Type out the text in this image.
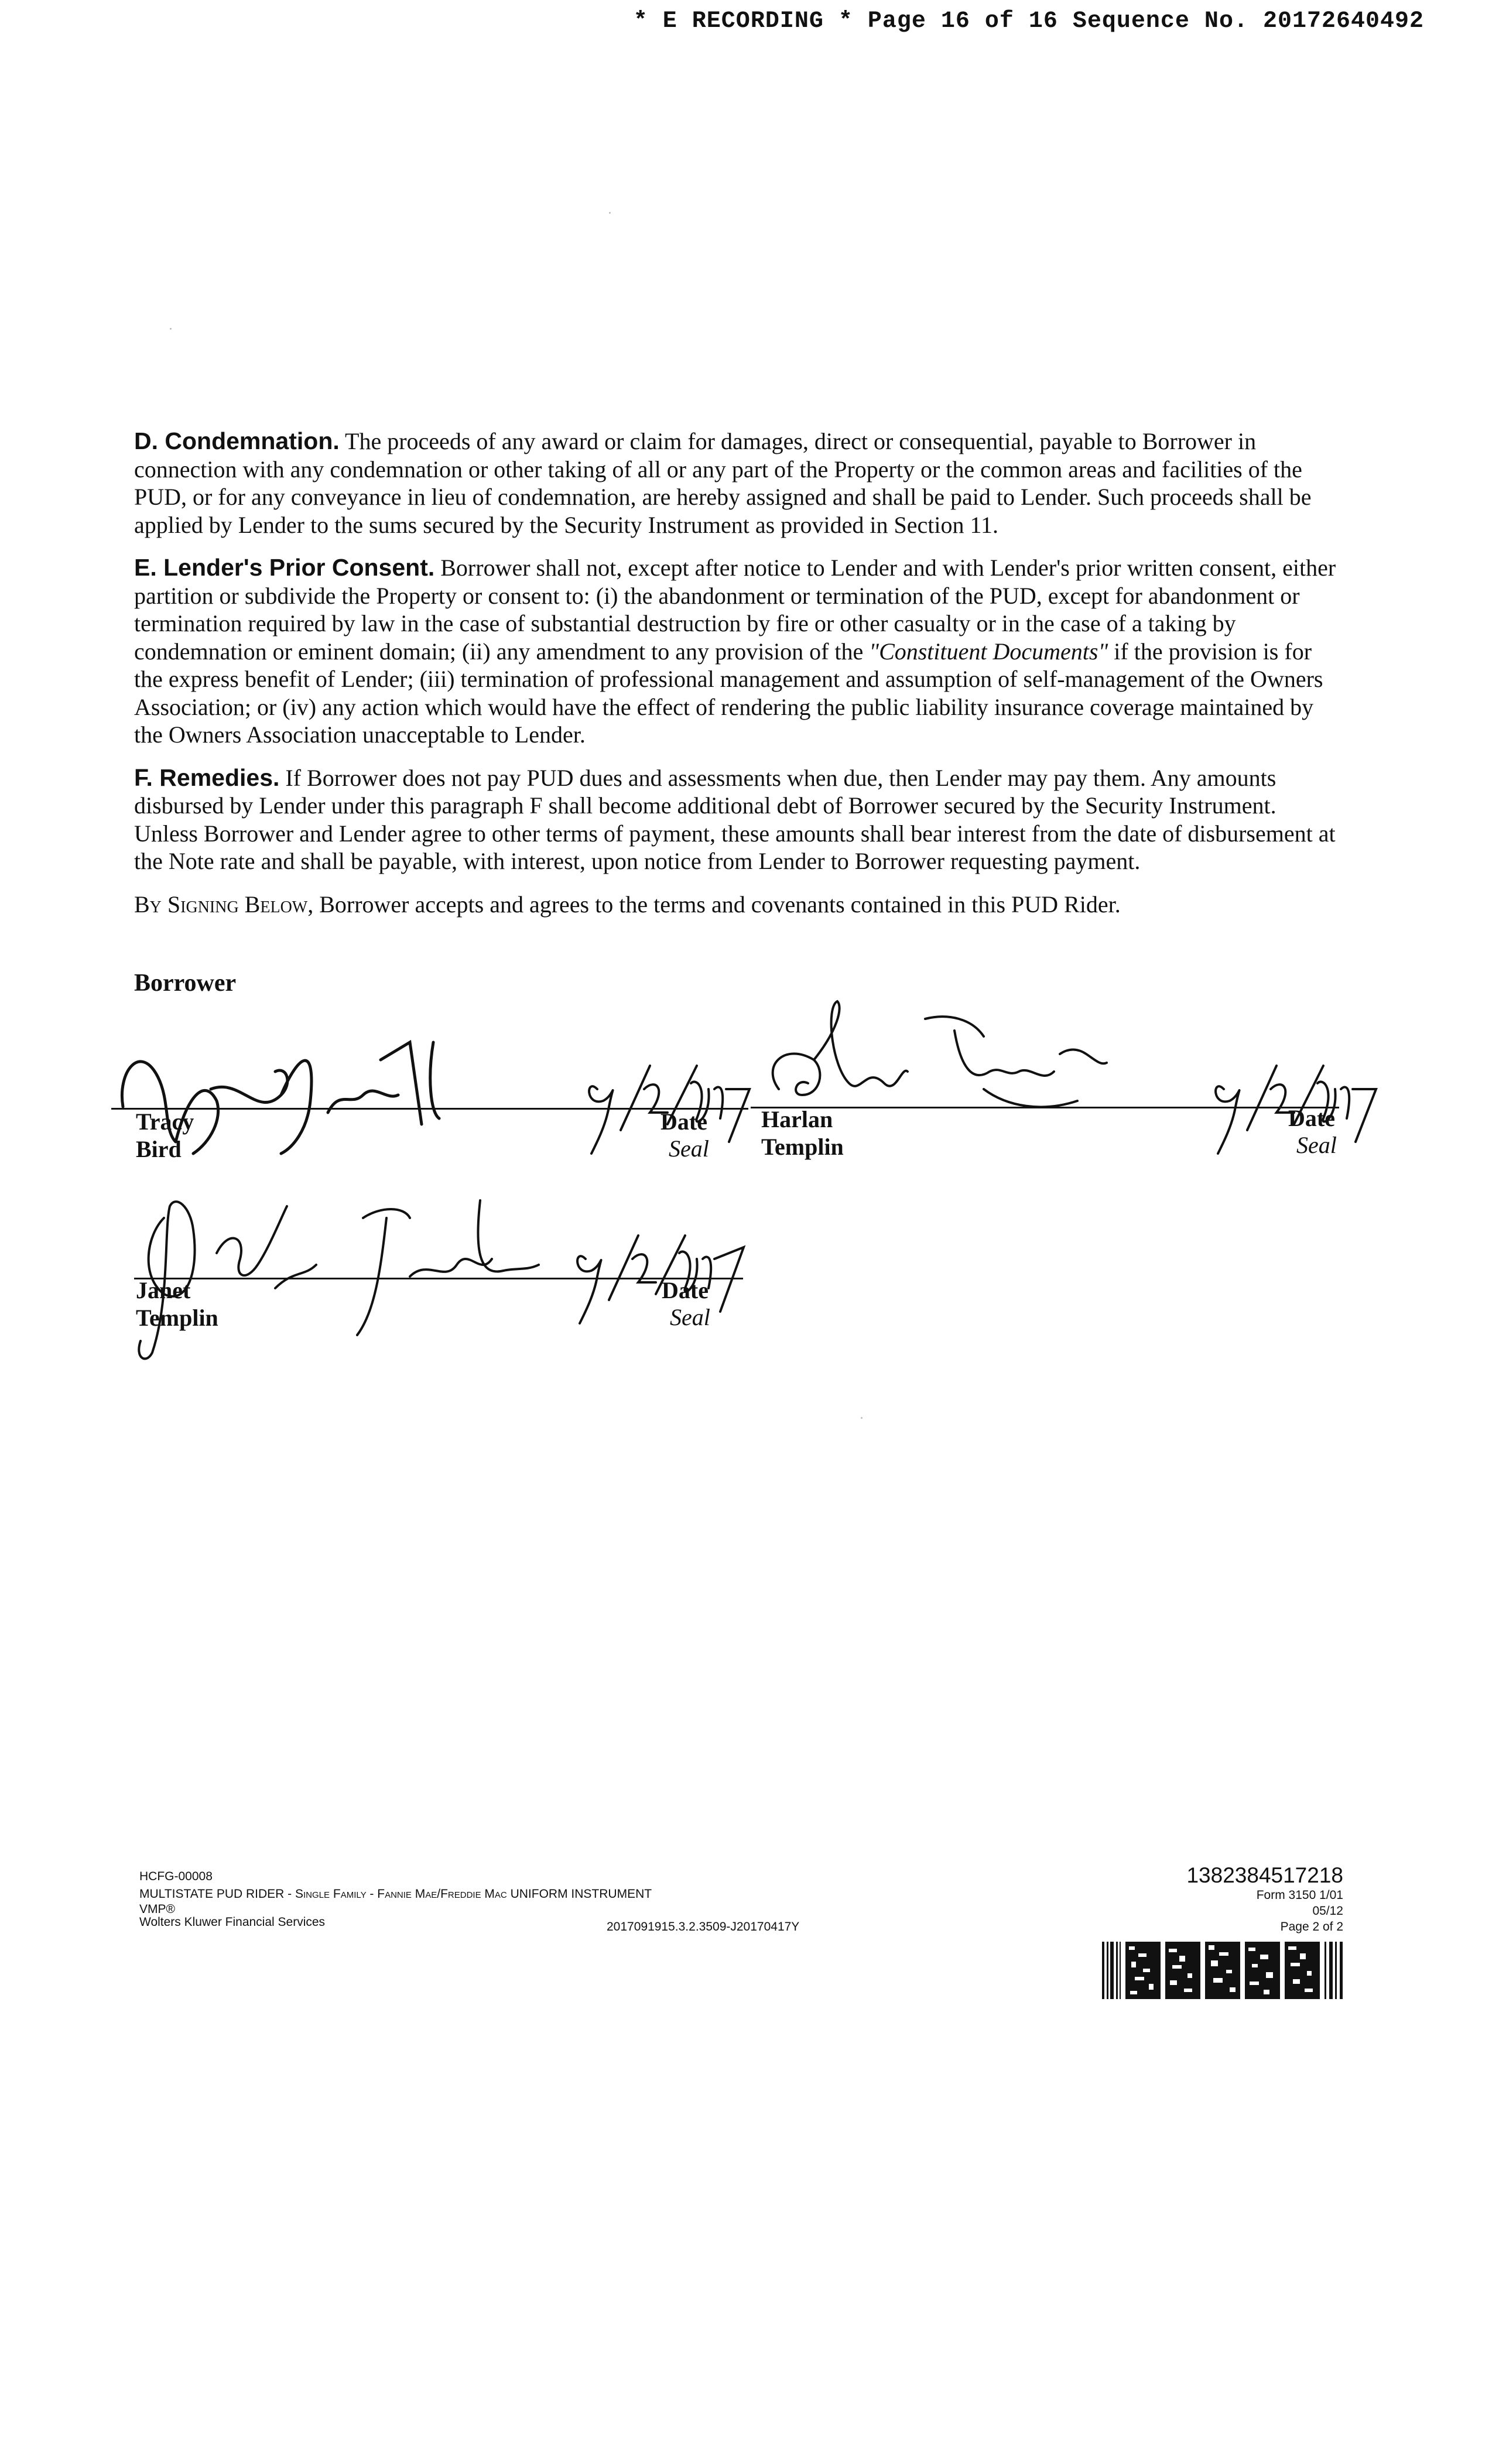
* E RECORDING * Page 16 of 16 Sequence No. 20172640492

D. Condemnation. The proceeds of any award or claim for damages, direct or consequential, payable to Borrower in connection with any condemnation or other taking of all or any part of the Property or the common areas and facilities of the PUD, or for any conveyance in lieu of condemnation, are hereby assigned and shall be paid to Lender. Such proceeds shall be applied by Lender to the sums secured by the Security Instrument as provided in Section 11.

E. Lender's Prior Consent. Borrower shall not, except after notice to Lender and with Lender's prior written consent, either partition or subdivide the Property or consent to: (i) the abandonment or termination of the PUD, except for abandonment or termination required by law in the case of substantial destruction by fire or other casualty or in the case of a taking by condemnation or eminent domain; (ii) any amendment to any provision of the "Constituent Documents" if the provision is for the express benefit of Lender; (iii) termination of professional management and assumption of self-management of the Owners Association; or (iv) any action which would have the effect of rendering the public liability insurance coverage maintained by the Owners Association unacceptable to Lender.

F. Remedies. If Borrower does not pay PUD dues and assessments when due, then Lender may pay them. Any amounts disbursed by Lender under this paragraph F shall become additional debt of Borrower secured by the Security Instrument. Unless Borrower and Lender agree to other terms of payment, these amounts shall bear interest from the date of disbursement at the Note rate and shall be payable, with interest, upon notice from Lender to Borrower requesting payment.

By Signing Below, Borrower accepts and agrees to the terms and covenants contained in this PUD Rider.

Borrower
Tracy Bird
Date
Seal
Harlan Templin
Date
Seal
Janet Templin
Date
Seal
HCFG-00008
MULTISTATE PUD RIDER - Single Family - Fannie Mae/Freddie Mac UNIFORM INSTRUMENT
VMP®
Wolters Kluwer Financial Services	2017091915.3.2.3509-J20170417Y
1382384517218
Form 3150 1/01
05/12
Page 2 of 2
